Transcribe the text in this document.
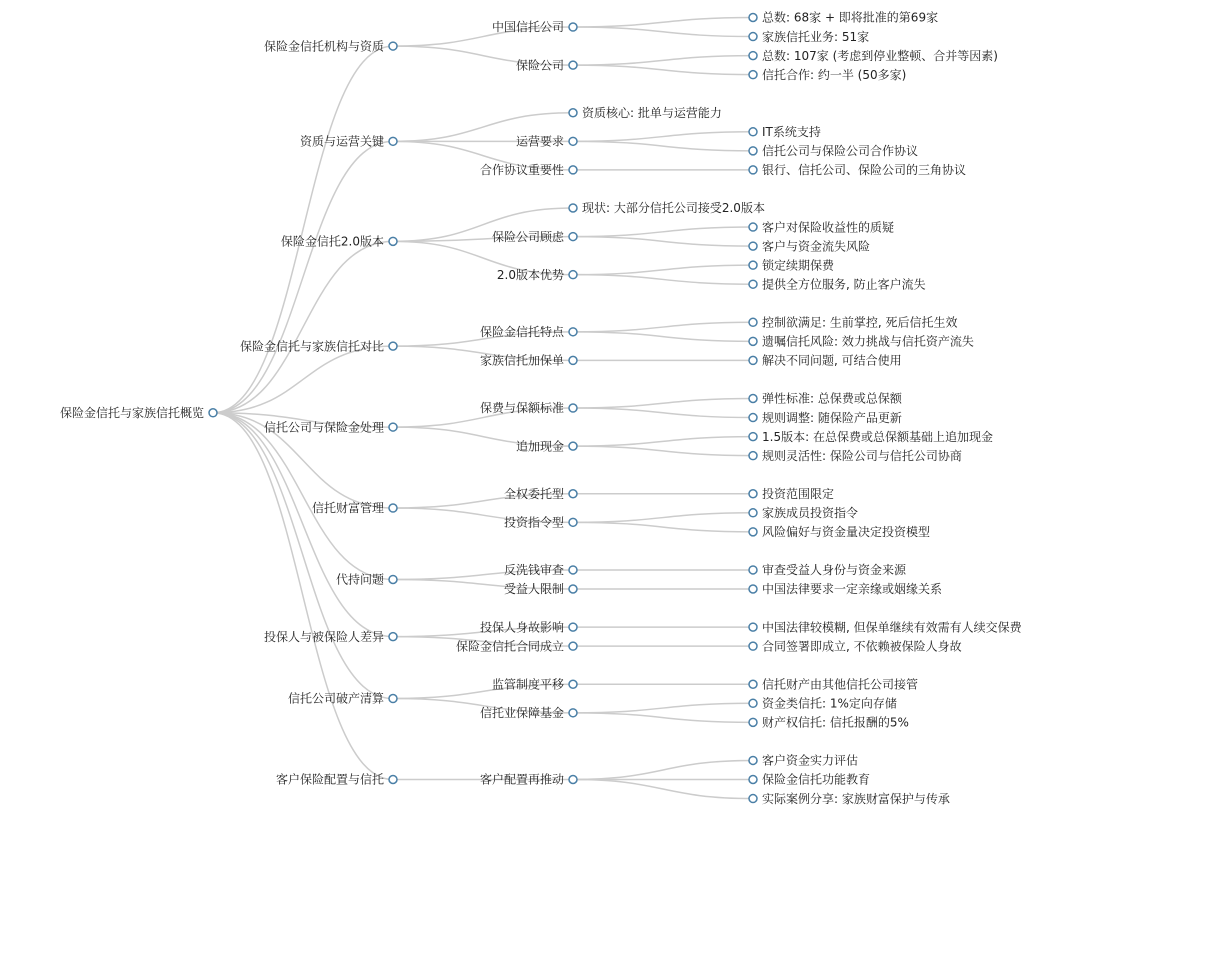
保险金信托与家族信托概览
保险金信托机构与资质
中国信托公司
总数: 68家 + 即将批准的第69家
家族信托业务: 51家
保险公司
总数: 107家 (考虑到停业整顿、合并等因素)
信托合作: 约一半 (50多家)
资质与运营关键
资质核心: 批单与运营能力
运营要求
IT系统支持
信托公司与保险公司合作协议
合作协议重要性	银行、信托公司、保险公司的三角协议
保险金信托2.0版本
现状: 大部分信托公司接受2.0版本
保险公司顾虑
客户对保险收益性的质疑
客户与资金流失风险
2.0版本优势
锁定续期保费
提供全方位服务, 防止客户流失
保险金信托与家族信托对比
保险金信托特点
控制欲满足: 生前掌控, 死后信托生效
遗嘱信托风险: 效力挑战与信托资产流失
家族信托加保单	解决不同问题, 可结合使用
信托公司与保险金处理
保费与保额标准
弹性标准: 总保费或总保额
规则调整: 随保险产品更新
追加现金
1.5版本: 在总保费或总保额基础上追加现金
规则灵活性: 保险公司与信托公司协商
信托财富管理
全权委托型	投资范围限定
投资指令型
家族成员投资指令
风险偏好与资金量决定投资模型
代持问题
反洗钱审查	审查受益人身份与资金来源
受益人限制	中国法律要求一定亲缘或姻缘关系
投保人与被保险人差异
投保人身故影响	中国法律较模糊, 但保单继续有效需有人续交保费
保险金信托合同成立	合同签署即成立, 不依赖被保险人身故
信托公司破产清算
监管制度平移	信托财产由其他信托公司接管
信托业保障基金
资金类信托: 1%定向存储
财产权信托: 信托报酬的5%
客户保险配置与信托	客户配置再推动
客户资金实力评估
保险金信托功能教育
实际案例分享: 家族财富保护与传承
